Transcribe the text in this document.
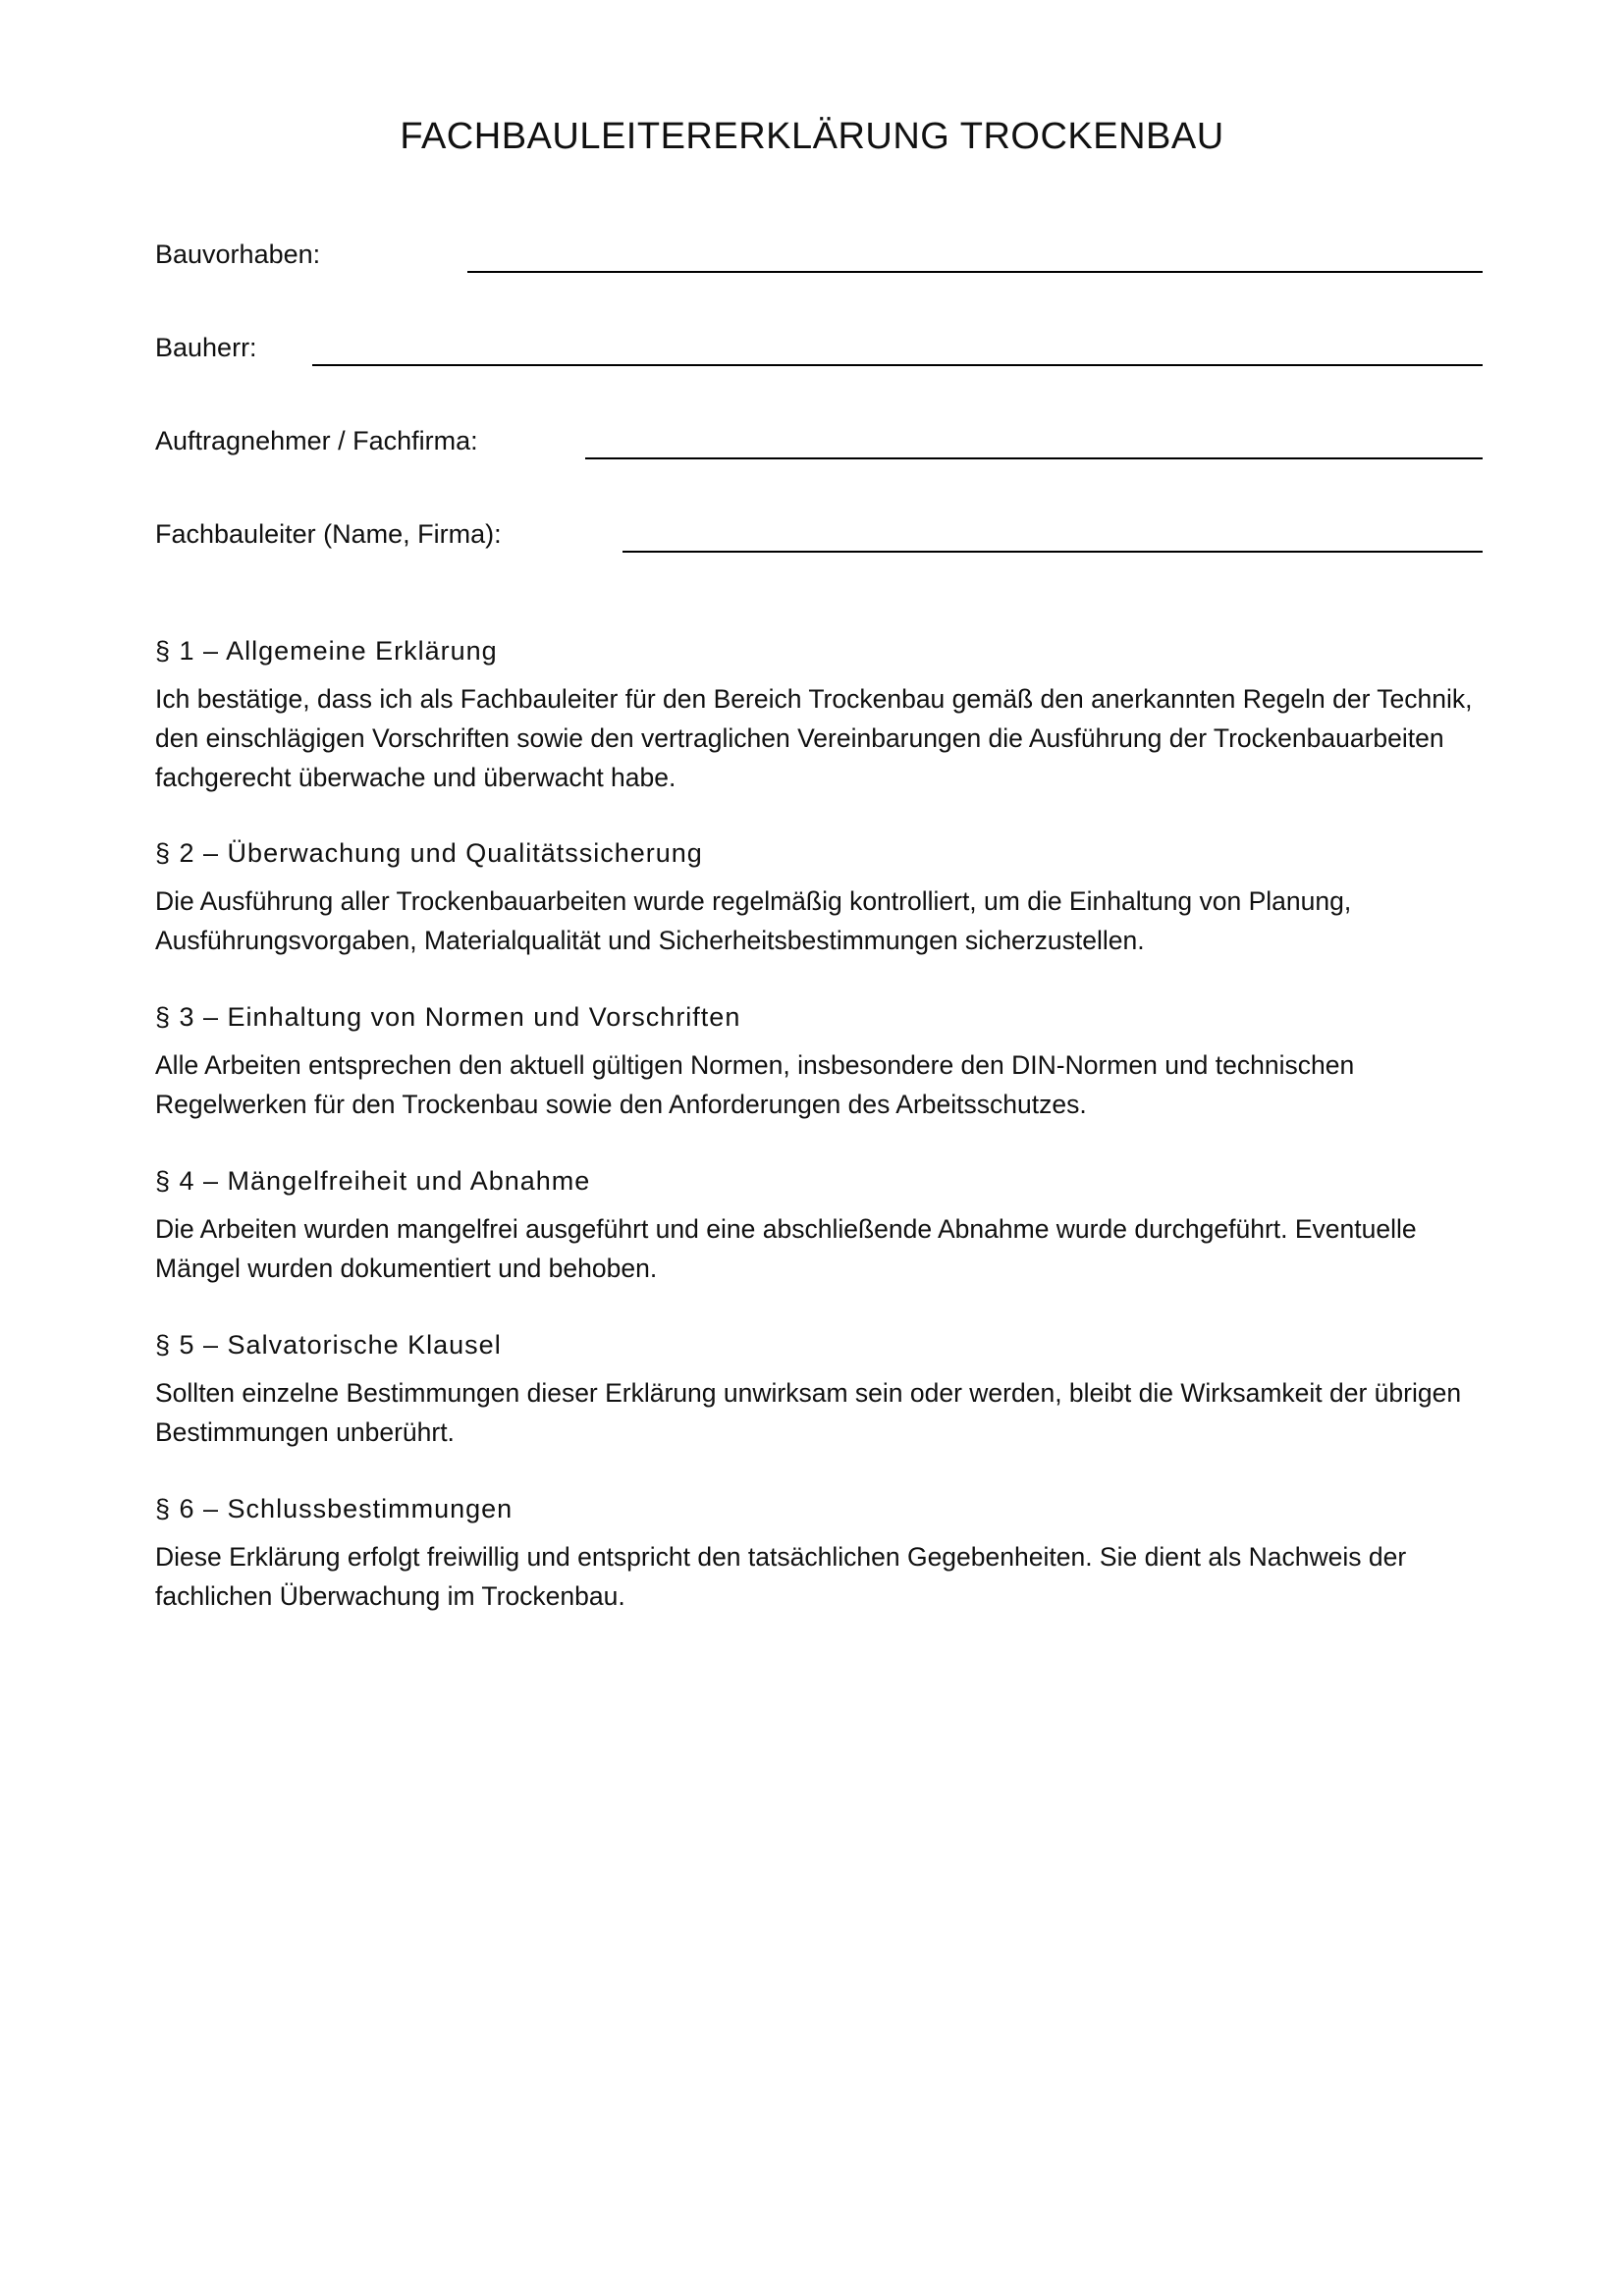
FACHBAULEITERERKLÄRUNG TROCKENBAU
Bauvorhaben:
Bauherr:
Auftragnehmer / Fachfirma:
Fachbauleiter (Name, Firma):
§ 1 – Allgemeine Erklärung

Ich bestätige, dass ich als Fachbauleiter für den Bereich Trockenbau gemäß den anerkannten Regeln der Technik, den einschlägigen Vorschriften sowie den vertraglichen Vereinbarungen die Ausführung der Trockenbauarbeiten fachgerecht überwache und überwacht habe.

§ 2 – Überwachung und Qualitätssicherung

Die Ausführung aller Trockenbauarbeiten wurde regelmäßig kontrolliert, um die Einhaltung von Planung, Ausführungsvorgaben, Materialqualität und Sicherheitsbestimmungen sicherzustellen.

§ 3 – Einhaltung von Normen und Vorschriften

Alle Arbeiten entsprechen den aktuell gültigen Normen, insbesondere den DIN-Normen und technischen Regelwerken für den Trockenbau sowie den Anforderungen des Arbeitsschutzes.

§ 4 – Mängelfreiheit und Abnahme

Die Arbeiten wurden mangelfrei ausgeführt und eine abschließende Abnahme wurde durchgeführt. Eventuelle Mängel wurden dokumentiert und behoben.

§ 5 – Salvatorische Klausel

Sollten einzelne Bestimmungen dieser Erklärung unwirksam sein oder werden, bleibt die Wirksamkeit der übrigen Bestimmungen unberührt.

§ 6 – Schlussbestimmungen

Diese Erklärung erfolgt freiwillig und entspricht den tatsächlichen Gegebenheiten. Sie dient als Nachweis der fachlichen Überwachung im Trockenbau.
